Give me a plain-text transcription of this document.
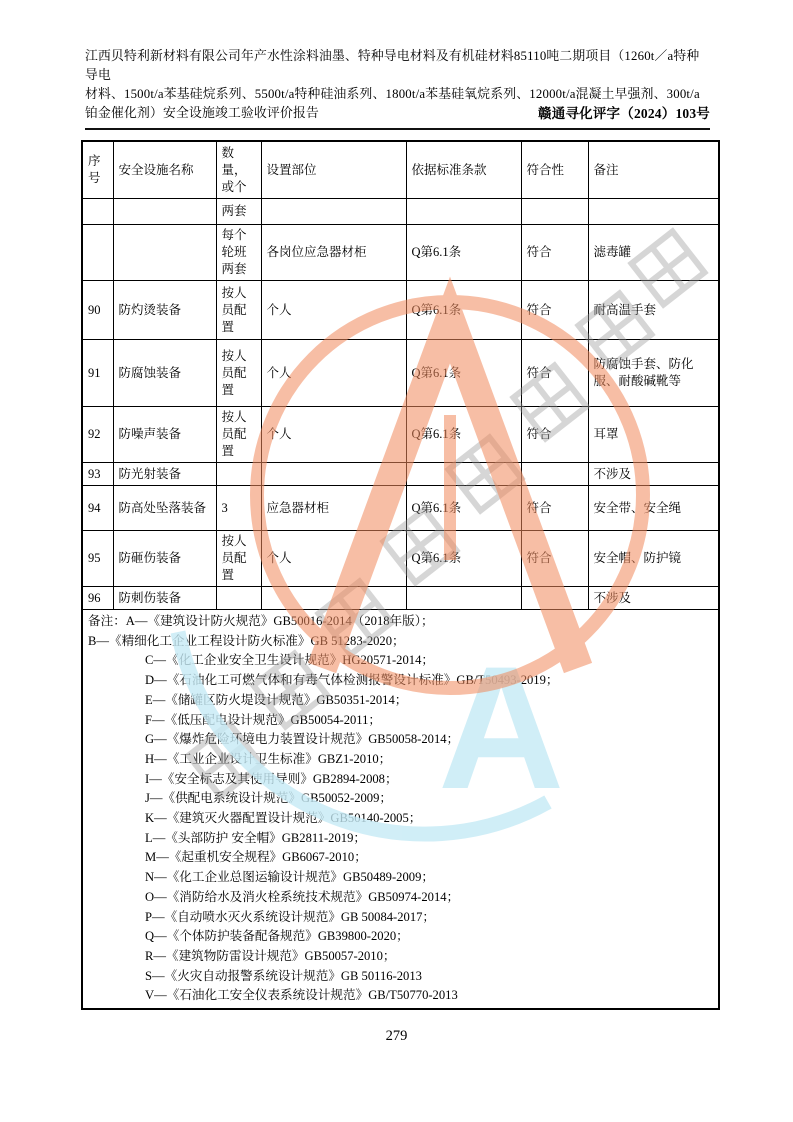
江西贝特利新材料有限公司年产水性涂料油墨、特种导电材料及有机硅材料85110吨二期项目（1260t／a特种导电
材料、1500t/a苯基硅烷系列、5500t/a特种硅油系列、1800t/a苯基硅氧烷系列、12000t/a混凝土早强剂、300t/a
铂金催化剂）安全设施竣工验收评价报告	赣通寻化评字（2024）103号
序号	安全设施名称	数量，或个	设置部位	依据标准条款	符合性	备注
		两套				
		每个轮班两套	各岗位应急器材柜	Q第6.1条	符合	滤毒罐
90	防灼烫装备	按人员配置	个人	Q第6.1条	符合	耐高温手套
91	防腐蚀装备	按人员配置	个人	Q第6.1条	符合	防腐蚀手套、防化服、耐酸碱靴等
92	防噪声装备	按人员配置	个人	Q第6.1条	符合	耳罩
93	防光射装备					不涉及
94	防高处坠落装备	3	应急器材柜	Q第6.1条	符合	安全带、安全绳
95	防砸伤装备	按人员配置	个人	Q第6.1条	符合	安全帽、防护镜
96	防刺伤装备					不涉及

备注：A—《建筑设计防火规范》GB50016-2014（2018年版）；
B—《精细化工企业工程设计防火标准》GB 51283-2020；
C—《化工企业安全卫生设计规范》HG20571-2014；
D—《石油化工可燃气体和有毒气体检测报警设计标准》GB/T50493-2019；
E—《储罐区防火堤设计规范》GB50351-2014；
F—《低压配电设计规范》GB50054-2011；
G—《爆炸危险环境电力装置设计规范》GB50058-2014；
H—《工业企业设计卫生标准》GBZ1-2010；
I—《安全标志及其使用导则》GB2894-2008；
J—《供配电系统设计规范》GB50052-2009；
K—《建筑灭火器配置设计规范》GB50140-2005；
L—《头部防护 安全帽》GB2811-2019；
M—《起重机安全规程》GB6067-2010；
N—《化工企业总图运输设计规范》GB50489-2009；
O—《消防给水及消火栓系统技术规范》GB50974-2014；
P—《自动喷水灭火系统设计规范》GB 50084-2017；
Q—《个体防护装备配备规范》GB39800-2020；
R—《建筑物防雷设计规范》GB50057-2010；
S—《火灾自动报警系统设计规范》GB 50116-2013
V—《石油化工安全仪表系统设计规范》GB/T50770-2013
279
A
